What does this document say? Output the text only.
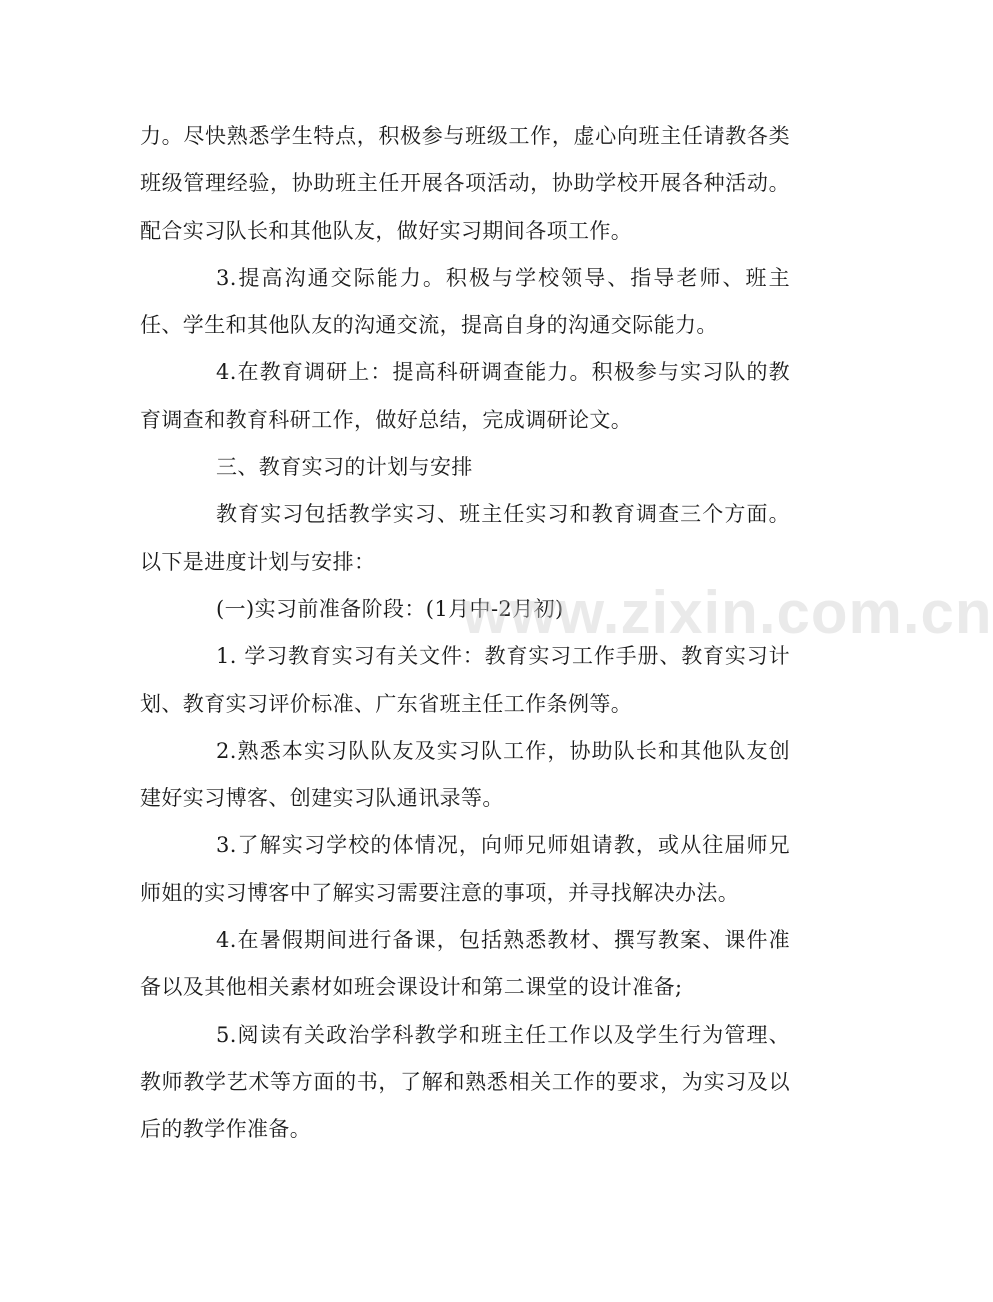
力。尽快熟悉学生特点，积极参与班级工作，虚心向班主任请教各类班级管理经验，协助班主任开展各项活动，协助学校开展各种活动。配合实习队长和其他队友，做好实习期间各项工作。

3.提高沟通交际能力。积极与学校领导、指导老师、班主任、学生和其他队友的沟通交流，提高自身的沟通交际能力。

4.在教育调研上：提高科研调查能力。积极参与实习队的教育调查和教育科研工作，做好总结，完成调研论文。

三、教育实习的计划与安排

教育实习包括教学实习、班主任实习和教育调查三个方面。以下是进度计划与安排：

(一)实习前准备阶段：(1月中-2月初)

1. 学习教育实习有关文件：教育实习工作手册、教育实习计划、教育实习评价标准、广东省班主任工作条例等。

2.熟悉本实习队队友及实习队工作，协助队长和其他队友创建好实习博客、创建实习队通讯录等。

3.了解实习学校的体情况，向师兄师姐请教，或从往届师兄师姐的实习博客中了解实习需要注意的事项，并寻找解决办法。

4.在暑假期间进行备课，包括熟悉教材、撰写教案、课件准备以及其他相关素材如班会课设计和第二课堂的设计准备;

5.阅读有关政治学科教学和班主任工作以及学生行为管理、教师教学艺术等方面的书，了解和熟悉相关工作的要求，为实习及以后的教学作准备。

www.zixin.com.cn
